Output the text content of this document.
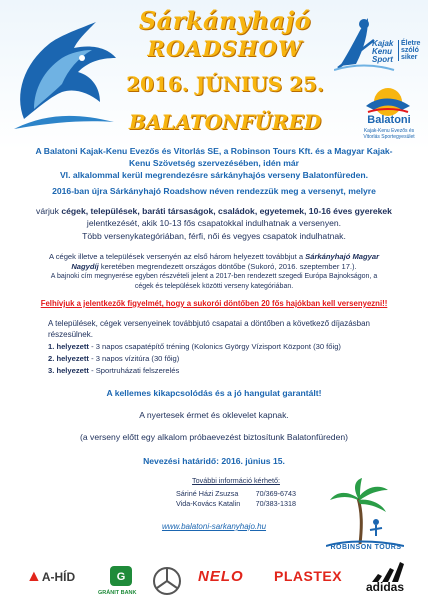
Sárkányhajó
ROADSHOW
2016. JÚNIUS 25.
BALATONFÜRED
Kajak Kenu Sport
Életre szóló siker
Balatoni
Kajak-Kenu Evezős és Vitorlás Sportegyesület
A Balatoni Kajak-Kenu Evezős és Vitorlás SE, a Robinson Tours Kft. és a Magyar Kajak-
Kenu Szövetség szervezésében, idén már
VI. alkalommal kerül megrendezésre sárkányhajós verseny Balatonfüreden.
2016-ban újra Sárkányhajó Roadshow néven rendezzük meg a versenyt, melyre
várjuk cégek, települések, baráti társaságok, családok, egyetemek, 10-16 éves gyerekek
jelentkezését, akik 10-13 fős csapatokkal indulhatnak a versenyen.
Több versenykategóriában, férfi, női és vegyes csapatok indulhatnak.
A cégek illetve a települések versenyén az első három helyezett továbbjut a Sárkányhajó Magyar
Nagydíj keretében megrendezett országos döntőbe (Sukoró, 2016. szeptember 17.).
A bajnoki cím megnyerése egyben részvételi jelent a 2017-ben rendezett szegedi Európa Bajnokságon, a
cégek és települések közötti verseny kategóriában.
Felhívjuk a jelentkezők figyelmét, hogy a sukorói döntőben 20 fős hajókban kell versenyezni!!
A települések, cégek versenyeinek továbbjutó csapatai a döntőben a következő díjazásban
részesülnek.
1. helyezett - 3 napos csapatépítő tréning (Kolonics György Vízisport Központ (30 főig)
2. helyezett - 3 napos vízitúra (30 főig)
3. helyezett - Sportruházati felszerelés
A kellemes kikapcsolódás és a jó hangulat garantált!
A nyertesek érmet és oklevelet kapnak.
(a verseny előtt egy alkalom próbaevezést biztosítunk Balatonfüreden)
Nevezési határidő: 2016. június 15.
További információ kérhető:
Sáriné Házi Zsuzsa 70/369-6743
Vida-Kovács Katalin 70/383-1318
www.balatoni-sarkanyhajo.hu
ROBINSON TOURS
▲A-HÍD	G	NELO PLASTEX
adidas
GRÁNIT BANK
